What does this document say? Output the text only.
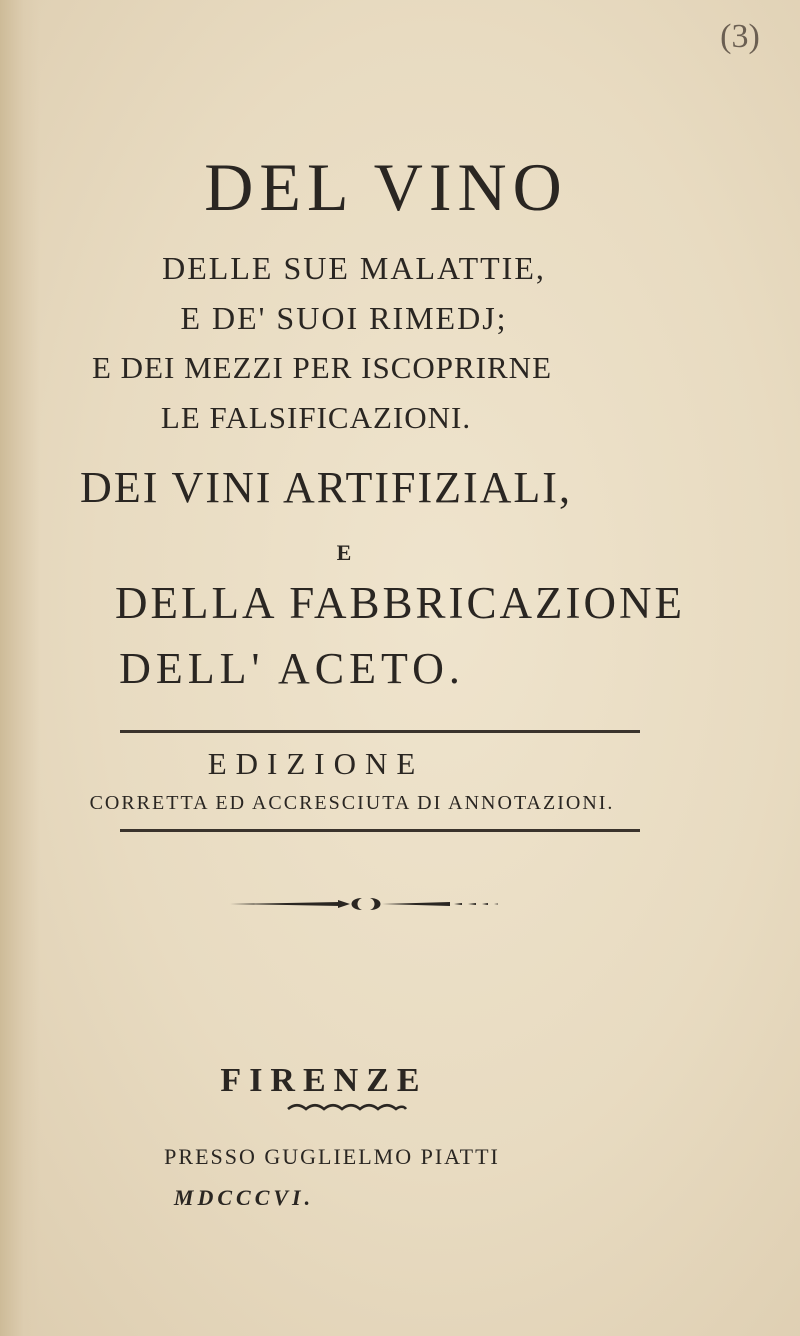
(3)
DEL VINO
DELLE SUE MALATTIE,
E DE' SUOI RIMEDJ;
E DEI MEZZI PER ISCOPRIRNE
LE FALSIFICAZIONI.
DEI VINI ARTIFIZIALI,
E
DELLA FABBRICAZIONE
DELL' ACETO.
EDIZIONE
CORRETTA ED ACCRESCIUTA DI ANNOTAZIONI.
FIRENZE
PRESSO GUGLIELMO PIATTI
MDCCCVI.
